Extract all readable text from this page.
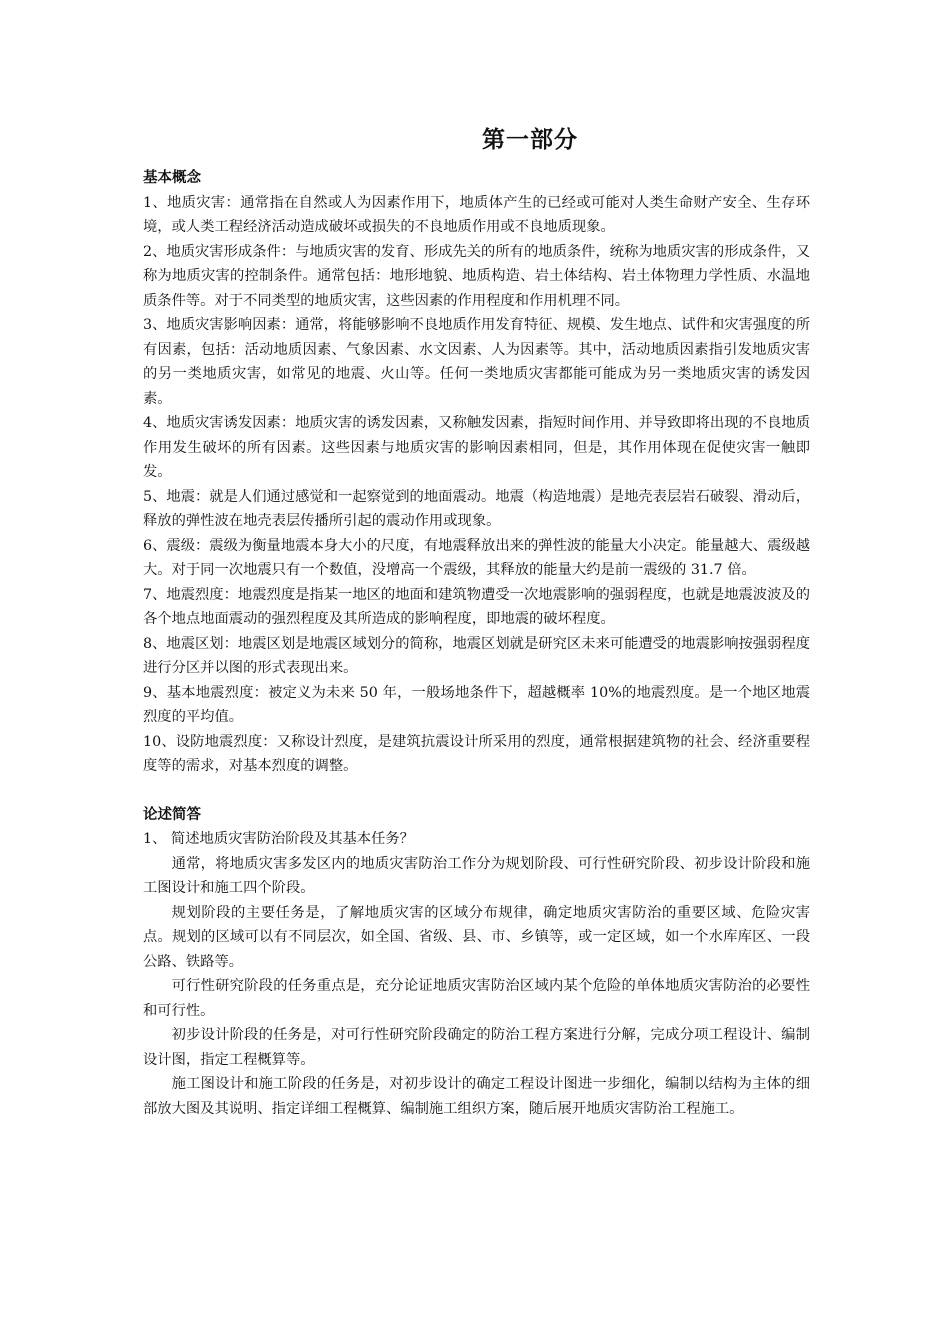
第一部分
基本概念

1、地质灾害：通常指在自然或人为因素作用下，地质体产生的已经或可能对人类生命财产安全、生存环境，或人类工程经济活动造成破坏或损失的不良地质作用或不良地质现象。

2、地质灾害形成条件：与地质灾害的发育、形成先关的所有的地质条件，统称为地质灾害的形成条件，又称为地质灾害的控制条件。通常包括：地形地貌、地质构造、岩土体结构、岩土体物理力学性质、水温地质条件等。对于不同类型的地质灾害，这些因素的作用程度和作用机理不同。

3、地质灾害影响因素：通常，将能够影响不良地质作用发育特征、规模、发生地点、试件和灾害强度的所有因素，包括：活动地质因素、气象因素、水文因素、人为因素等。其中，活动地质因素指引发地质灾害的另一类地质灾害，如常见的地震、火山等。任何一类地质灾害都能可能成为另一类地质灾害的诱发因素。

4、地质灾害诱发因素：地质灾害的诱发因素，又称触发因素，指短时间作用、并导致即将出现的不良地质作用发生破坏的所有因素。这些因素与地质灾害的影响因素相同，但是，其作用体现在促使灾害一触即发。

5、地震：就是人们通过感觉和一起察觉到的地面震动。地震（构造地震）是地壳表层岩石破裂、滑动后，释放的弹性波在地壳表层传播所引起的震动作用或现象。

6、震级：震级为衡量地震本身大小的尺度，有地震释放出来的弹性波的能量大小决定。能量越大、震级越大。对于同一次地震只有一个数值，没增高一个震级，其释放的能量大约是前一震级的 31.7 倍。

7、地震烈度：地震烈度是指某一地区的地面和建筑物遭受一次地震影响的强弱程度，也就是地震波波及的各个地点地面震动的强烈程度及其所造成的影响程度，即地震的破坏程度。

8、地震区划：地震区划是地震区域划分的简称，地震区划就是研究区未来可能遭受的地震影响按强弱程度进行分区并以图的形式表现出来。

9、基本地震烈度：被定义为未来 50 年，一般场地条件下，超越概率 10%的地震烈度。是一个地区地震烈度的平均值。

10、设防地震烈度：又称设计烈度，是建筑抗震设计所采用的烈度，通常根据建筑物的社会、经济重要程度等的需求，对基本烈度的调整。

论述简答

1、 简述地质灾害防治阶段及其基本任务？

通常，将地质灾害多发区内的地质灾害防治工作分为规划阶段、可行性研究阶段、初步设计阶段和施工图设计和施工四个阶段。

规划阶段的主要任务是，了解地质灾害的区域分布规律，确定地质灾害防治的重要区域、危险灾害点。规划的区域可以有不同层次，如全国、省级、县、市、乡镇等，或一定区域，如一个水库库区、一段公路、铁路等。

可行性研究阶段的任务重点是，充分论证地质灾害防治区域内某个危险的单体地质灾害防治的必要性和可行性。

初步设计阶段的任务是，对可行性研究阶段确定的防治工程方案进行分解，完成分项工程设计、编制设计图，指定工程概算等。

施工图设计和施工阶段的任务是，对初步设计的确定工程设计图进一步细化，编制以结构为主体的细部放大图及其说明、指定详细工程概算、编制施工组织方案，随后展开地质灾害防治工程施工。
